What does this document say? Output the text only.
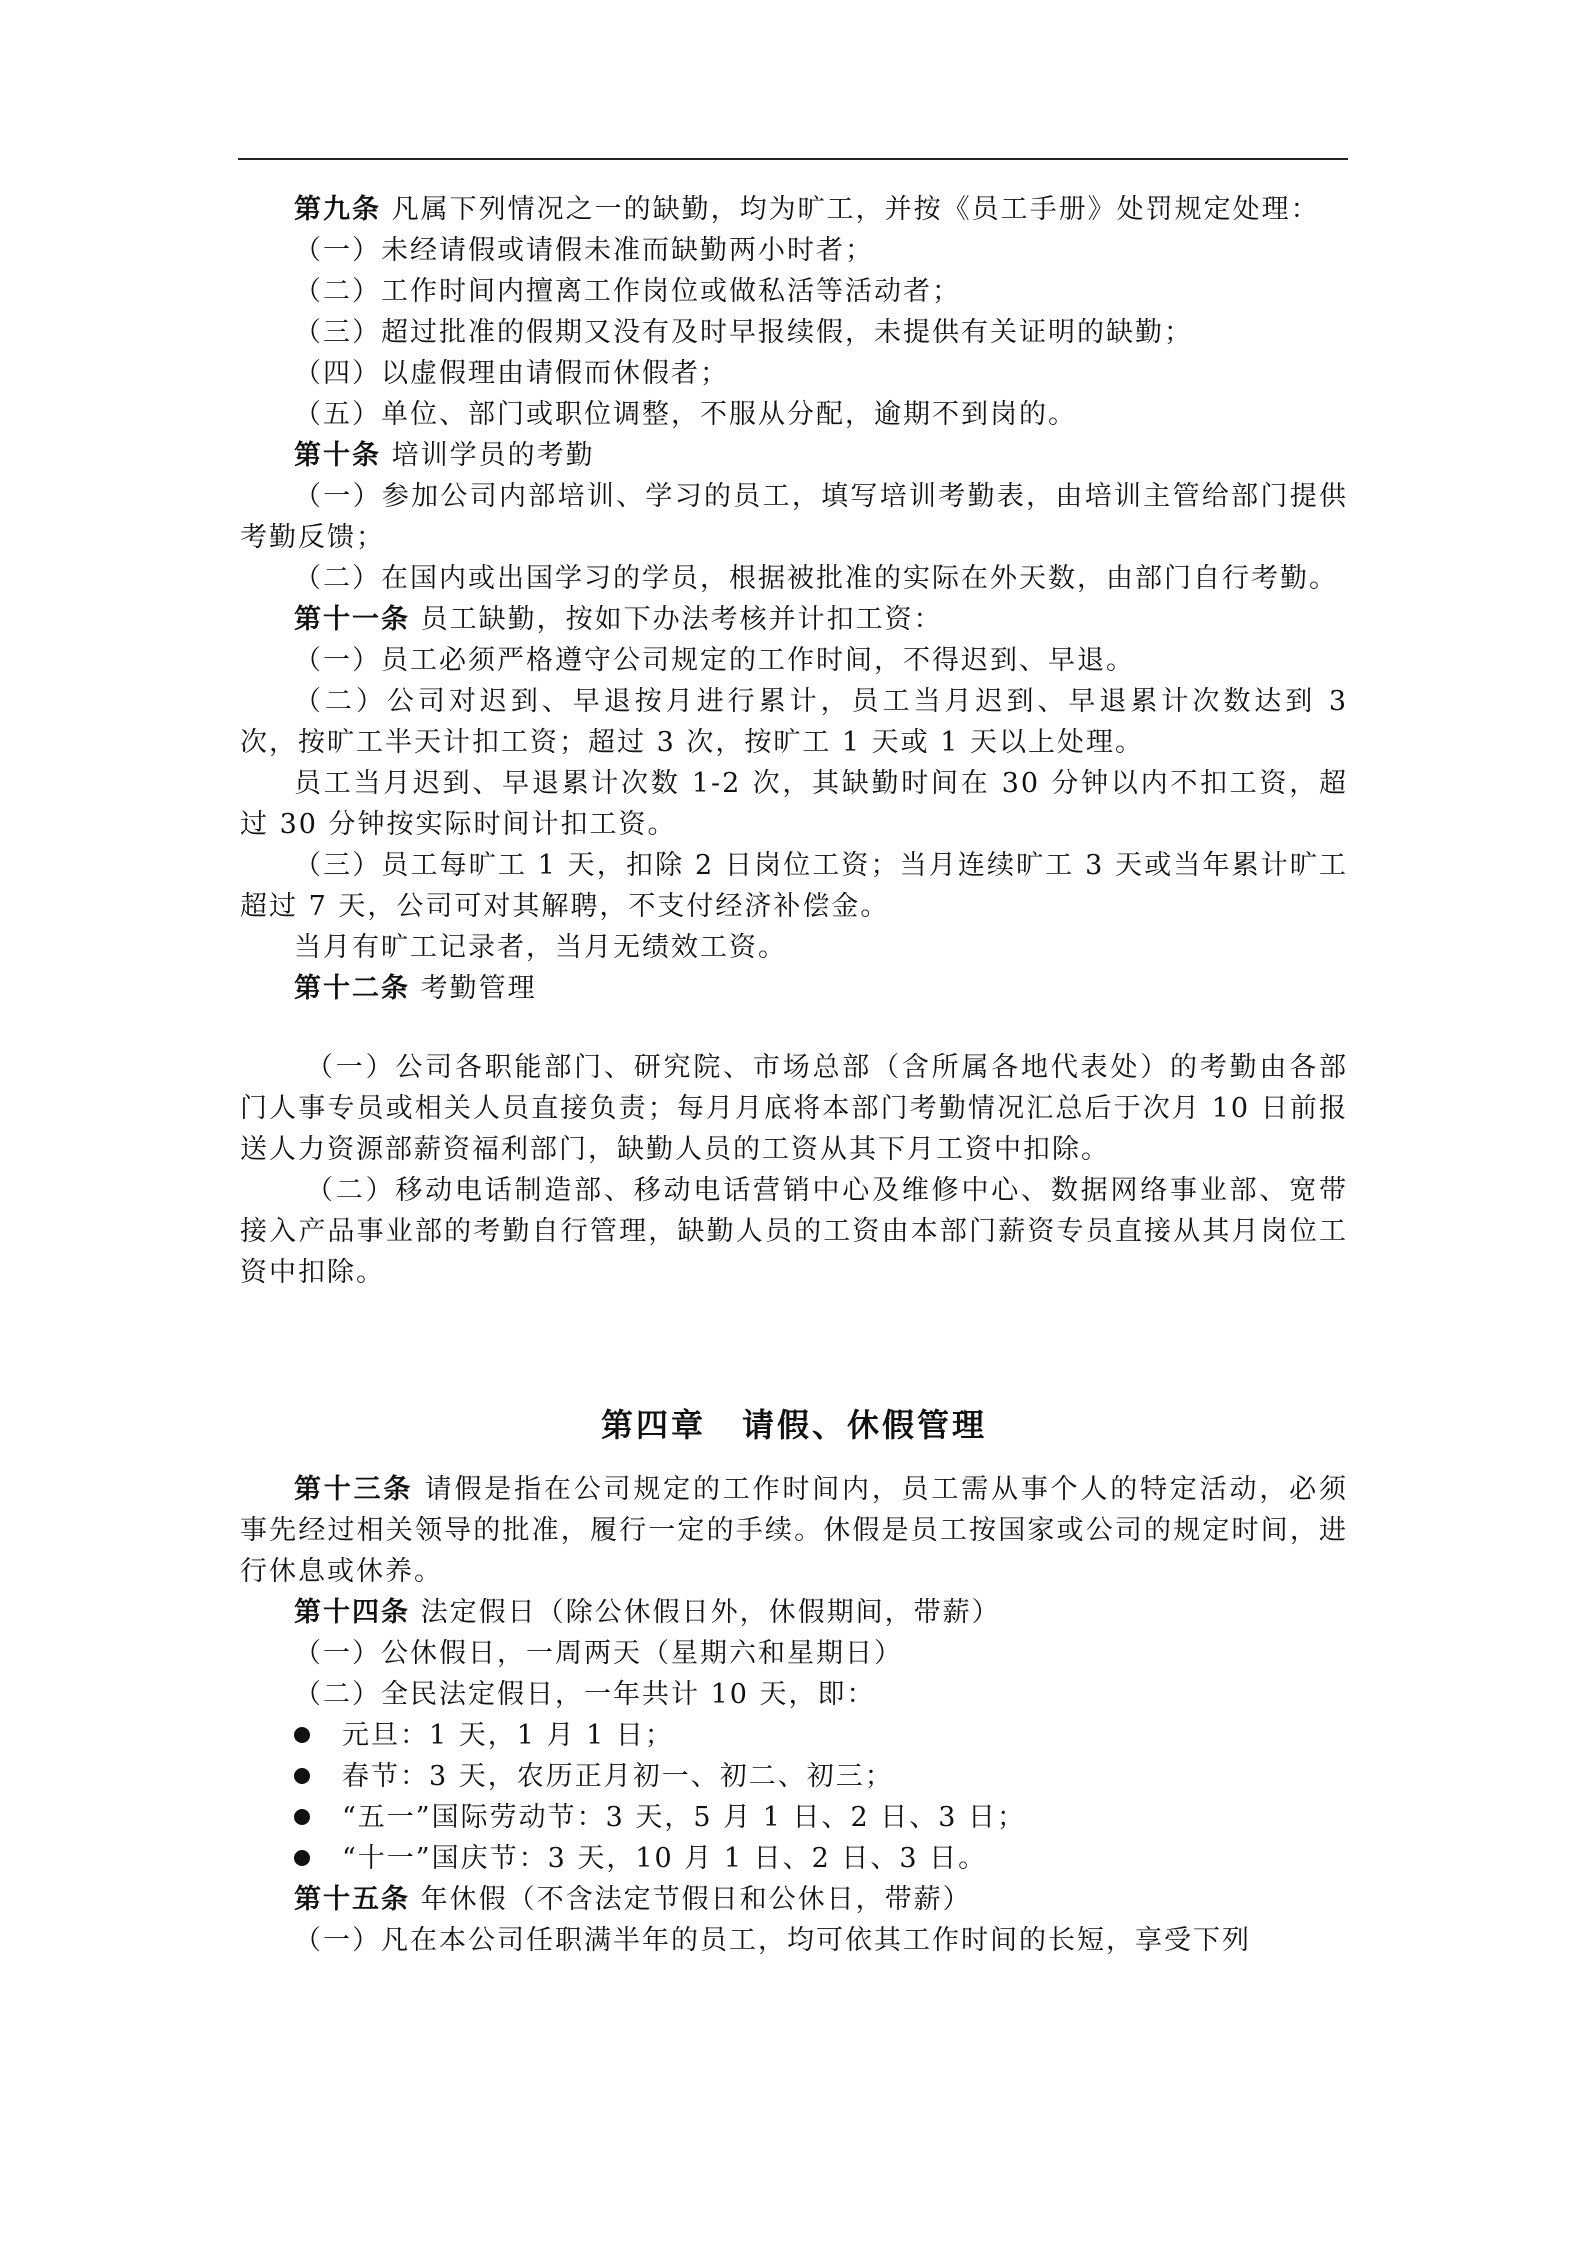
第九条 凡属下列情况之一的缺勤，均为旷工，并按《员工手册》处罚规定处理：

（一）未经请假或请假未准而缺勤两小时者；

（二）工作时间内擅离工作岗位或做私活等活动者；

（三）超过批准的假期又没有及时早报续假，未提供有关证明的缺勤；

（四）以虚假理由请假而休假者；

（五）单位、部门或职位调整，不服从分配，逾期不到岗的。

第十条 培训学员的考勤

（一）参加公司内部培训、学习的员工，填写培训考勤表，由培训主管给部门提供考勤反馈；

（二）在国内或出国学习的学员，根据被批准的实际在外天数，由部门自行考勤。

第十一条 员工缺勤，按如下办法考核并计扣工资：

（一）员工必须严格遵守公司规定的工作时间，不得迟到、早退。

（二）公司对迟到、早退按月进行累计，员工当月迟到、早退累计次数达到 3 次，按旷工半天计扣工资；超过 3 次，按旷工 1 天或 1 天以上处理。

员工当月迟到、早退累计次数 1-2 次，其缺勤时间在 30 分钟以内不扣工资，超过 30 分钟按实际时间计扣工资。

（三）员工每旷工 1 天，扣除 2 日岗位工资；当月连续旷工 3 天或当年累计旷工超过 7 天，公司可对其解聘，不支付经济补偿金。

当月有旷工记录者，当月无绩效工资。

第十二条 考勤管理

（一）公司各职能部门、研究院、市场总部（含所属各地代表处）的考勤由各部门人事专员或相关人员直接负责；每月月底将本部门考勤情况汇总后于次月 10 日前报送人力资源部薪资福利部门，缺勤人员的工资从其下月工资中扣除。

（二）移动电话制造部、移动电话营销中心及维修中心、数据网络事业部、宽带接入产品事业部的考勤自行管理，缺勤人员的工资由本部门薪资专员直接从其月岗位工资中扣除。

第四章 请假、休假管理

第十三条 请假是指在公司规定的工作时间内，员工需从事个人的特定活动，必须事先经过相关领导的批准，履行一定的手续。休假是员工按国家或公司的规定时间，进行休息或休养。

第十四条 法定假日（除公休假日外，休假期间，带薪）

（一）公休假日，一周两天（星期六和星期日）

（二）全民法定假日，一年共计 10 天，即：

元旦：1 天，1 月 1 日；
春节：3 天，农历正月初一、初二、初三；
“五一”国际劳动节：3 天，5 月 1 日、2 日、3 日；
“十一”国庆节：3 天，10 月 1 日、2 日、3 日。

第十五条 年休假（不含法定节假日和公休日，带薪）

（一）凡在本公司任职满半年的员工，均可依其工作时间的长短，享受下列
